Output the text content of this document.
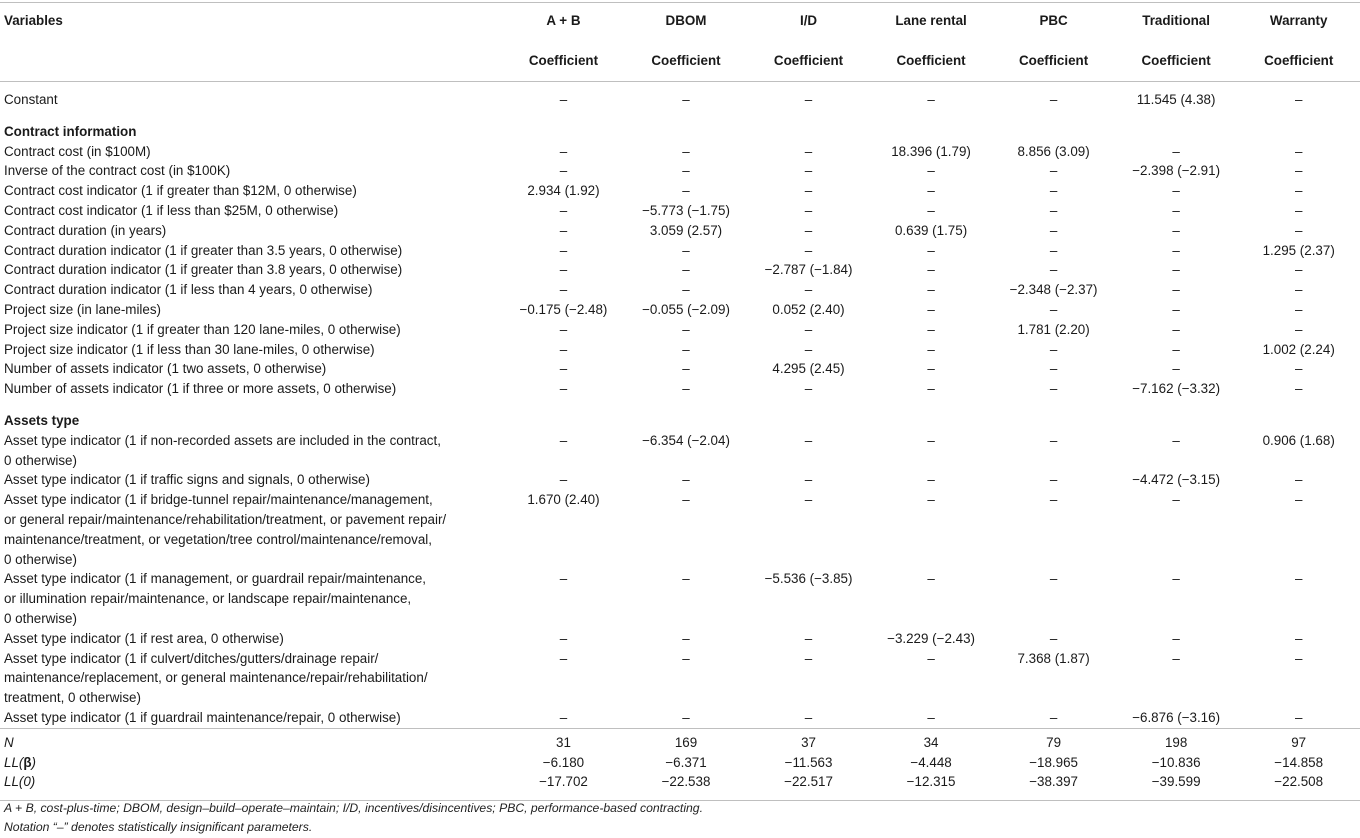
Variables	A + B	DBOM	I/D	Lane rental	PBC	Traditional	Warranty
	Coefficient	Coefficient	Coefficient	Coefficient	Coefficient	Coefficient	Coefficient
Constant	–	–	–	–	–	11.545 (4.38)	–
Contract information							
Contract cost (in $100M)	–	–	–	18.396 (1.79)	8.856 (3.09)	–	–
Inverse of the contract cost (in $100K)	–	–	–	–	–	−2.398 (−2.91)	–
Contract cost indicator (1 if greater than $12M, 0 otherwise)	2.934 (1.92)	–	–	–	–	–	–
Contract cost indicator (1 if less than $25M, 0 otherwise)	–	−5.773 (−1.75)	–	–	–	–	–
Contract duration (in years)	–	3.059 (2.57)	–	0.639 (1.75)	–	–	–
Contract duration indicator (1 if greater than 3.5 years, 0 otherwise)	–	–	–	–	–	–	1.295 (2.37)
Contract duration indicator (1 if greater than 3.8 years, 0 otherwise)	–	–	−2.787 (−1.84)	–	–	–	–
Contract duration indicator (1 if less than 4 years, 0 otherwise)	–	–	–	–	−2.348 (−2.37)	–	–
Project size (in lane-miles)	−0.175 (−2.48)	−0.055 (−2.09)	0.052 (2.40)	–	–	–	–
Project size indicator (1 if greater than 120 lane-miles, 0 otherwise)	–	–	–	–	1.781 (2.20)	–	–
Project size indicator (1 if less than 30 lane-miles, 0 otherwise)	–	–	–	–	–	–	1.002 (2.24)
Number of assets indicator (1 two assets, 0 otherwise)	–	–	4.295 (2.45)	–	–	–	–
Number of assets indicator (1 if three or more assets, 0 otherwise)	–	–	–	–	–	−7.162 (−3.32)	–
Assets type							

Asset type indicator (1 if non-recorded assets are included in the contract,
0 otherwise)	–	−6.354 (−2.04)	–	–	–	–	0.906 (1.68)

Asset type indicator (1 if traffic signs and signals, 0 otherwise)	–	–	–	–	–	−4.472 (−3.15)	–

Asset type indicator (1 if bridge-tunnel repair/maintenance/management,
or general repair/maintenance/rehabilitation/treatment, or pavement repair/
maintenance/treatment, or vegetation/tree control/maintenance/removal,
0 otherwise)	1.670 (2.40)	–	–	–	–	–	–

Asset type indicator (1 if management, or guardrail repair/maintenance,
or illumination repair/maintenance, or landscape repair/maintenance,
0 otherwise)	–	–	−5.536 (−3.85)	–	–	–	–

Asset type indicator (1 if rest area, 0 otherwise)	–	–	–	−3.229 (−2.43)	–	–	–

Asset type indicator (1 if culvert/ditches/gutters/drainage repair/
maintenance/replacement, or general maintenance/repair/rehabilitation/
treatment, 0 otherwise)	–	–	–	–	7.368 (1.87)	–	–

Asset type indicator (1 if guardrail maintenance/repair, 0 otherwise)	–	–	–	–	–	−6.876 (−3.16)	–
N	31	169	37	34	79	198	97
LL(β)	−6.180	−6.371	−11.563	−4.448	−18.965	−10.836	−14.858
LL(0)	−17.702	−22.538	−22.517	−12.315	−38.397	−39.599	−22.508
A + B, cost-plus-time; DBOM, design–build–operate–maintain; I/D, incentives/disincentives; PBC, performance-based contracting.
Notation “–” denotes statistically insignificant parameters.
